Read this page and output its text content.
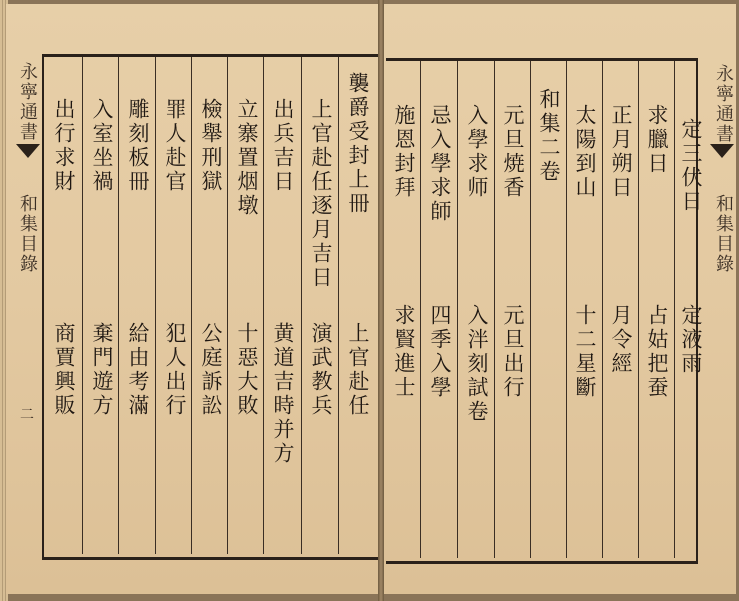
永寧通書
和集目錄
二
襲爵受封上冊
上官赴任
上官赴任逐月吉日
演武教兵
出兵吉日
黄道吉時并方
立寨置烟墩
十惡大敗
檢舉刑獄
公庭訴訟
罪人赴官
犯人出行
雕刻板冊
給由考滿
入室坐禍
棄門遊方
出行求財
商賈興販
永寧通書
和集目錄
定三伏日
定液雨
求臘日
占姑把蚕
正月朔日
月令經
太陽到山
十二星斷
和集二卷
元旦焼香
元旦出行
入學求师
入泮刻試卷
忌入學求師
四季入學
施恩封拜
求賢進士
